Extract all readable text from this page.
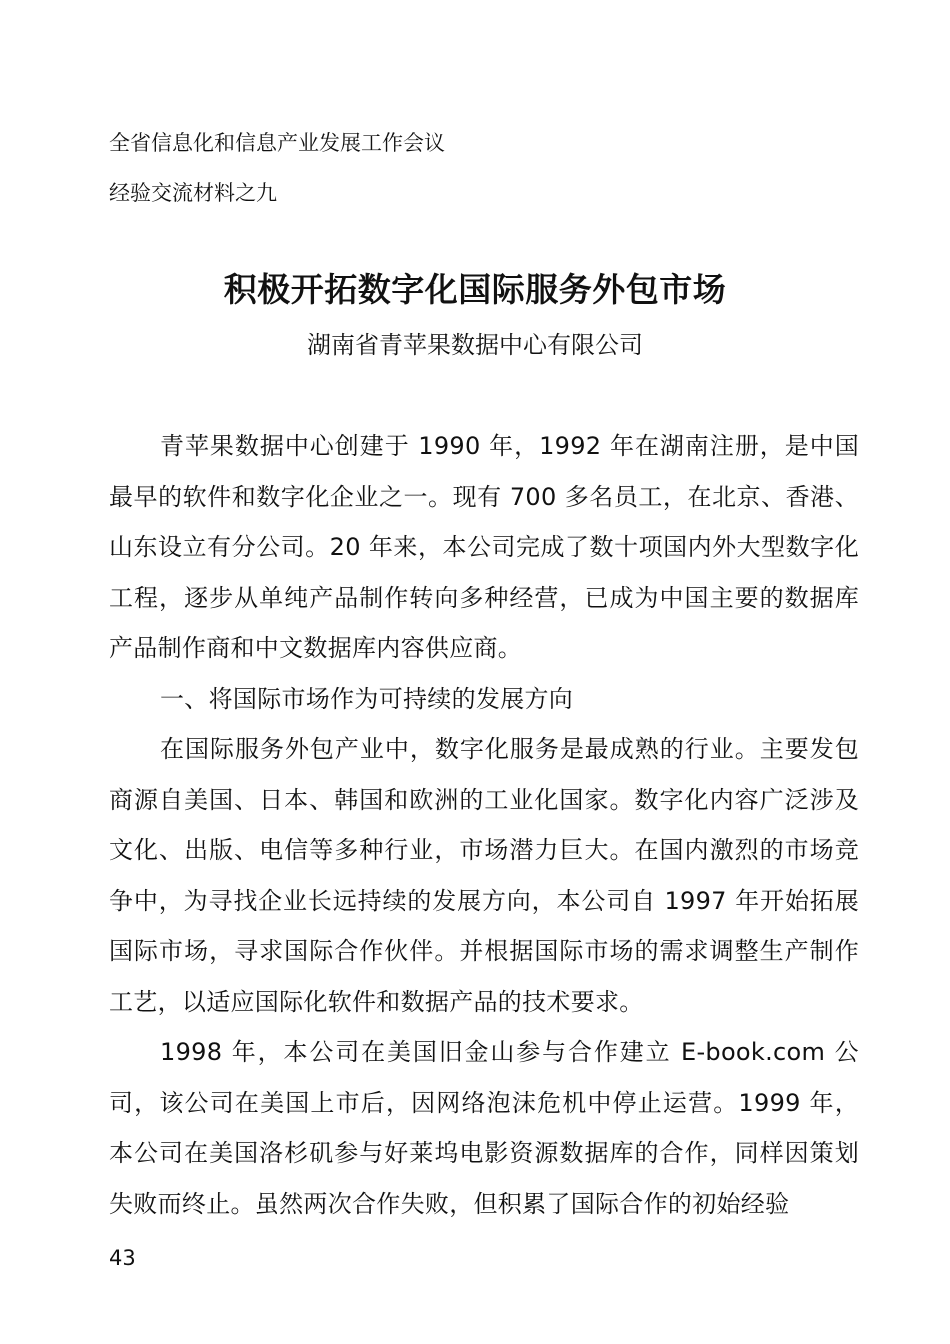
全省信息化和信息产业发展工作会议
经验交流材料之九
积极开拓数字化国际服务外包市场
湖南省青苹果数据中心有限公司

青苹果数据中心创建于 1990 年，1992 年在湖南注册，是中国最早的软件和数字化企业之一。现有 700 多名员工，在北京、香港、山东设立有分公司。20 年来，本公司完成了数十项国内外大型数字化工程，逐步从单纯产品制作转向多种经营，已成为中国主要的数据库产品制作商和中文数据库内容供应商。

一、将国际市场作为可持续的发展方向

在国际服务外包产业中，数字化服务是最成熟的行业。主要发包商源自美国、日本、韩国和欧洲的工业化国家。数字化内容广泛涉及文化、出版、电信等多种行业，市场潜力巨大。在国内激烈的市场竞争中，为寻找企业长远持续的发展方向，本公司自 1997 年开始拓展国际市场，寻求国际合作伙伴。并根据国际市场的需求调整生产制作工艺，以适应国际化软件和数据产品的技术要求。

1998 年，本公司在美国旧金山参与合作建立 E-book.com 公司，该公司在美国上市后，因网络泡沫危机中停止运营。1999 年，本公司在美国洛杉矶参与好莱坞电影资源数据库的合作，同样因策划失败而终止。虽然两次合作失败，但积累了国际合作的初始经验

43
